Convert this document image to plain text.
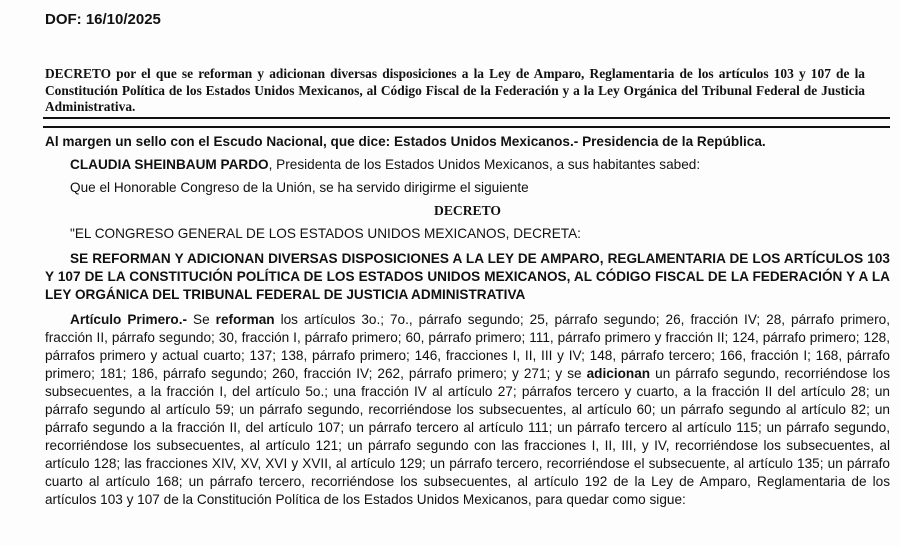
DOF: 16/10/2025
DECRETO por el que se reforman y adicionan diversas disposiciones a la Ley de Amparo, Reglamentaria de los artículos 103 y 107 de la Constitución Política de los Estados Unidos Mexicanos, al Código Fiscal de la Federación y a la Ley Orgánica del Tribunal Federal de Justicia Administrativa.

Al margen un sello con el Escudo Nacional, que dice: Estados Unidos Mexicanos.- Presidencia de la República.

CLAUDIA SHEINBAUM PARDO, Presidenta de los Estados Unidos Mexicanos, a sus habitantes sabed:

Que el Honorable Congreso de la Unión, se ha servido dirigirme el siguiente

DECRETO

"EL CONGRESO GENERAL DE LOS ESTADOS UNIDOS MEXICANOS, DECRETA:

SE REFORMAN Y ADICIONAN DIVERSAS DISPOSICIONES A LA LEY DE AMPARO, REGLAMENTARIA DE LOS ARTÍCULOS 103 Y 107 DE LA CONSTITUCIÓN POLÍTICA DE LOS ESTADOS UNIDOS MEXICANOS, AL CÓDIGO FISCAL DE LA FEDERACIÓN Y A LA LEY ORGÁNICA DEL TRIBUNAL FEDERAL DE JUSTICIA ADMINISTRATIVA

Artículo Primero.- Se reforman los artículos 3o.; 7o., párrafo segundo; 25, párrafo segundo; 26, fracción IV; 28, párrafo primero, fracción II, párrafo segundo; 30, fracción I, párrafo primero; 60, párrafo primero; 111, párrafo primero y fracción II; 124, párrafo primero; 128, párrafos primero y actual cuarto; 137; 138, párrafo primero; 146, fracciones I, II, III y IV; 148, párrafo tercero; 166, fracción I; 168, párrafo primero; 181; 186, párrafo segundo; 260, fracción IV; 262, párrafo primero; y 271; y se adicionan un párrafo segundo, recorriéndose los subsecuentes, a la fracción I, del artículo 5o.; una fracción IV al artículo 27; párrafos tercero y cuarto, a la fracción II del artículo 28; un párrafo segundo al artículo 59; un párrafo segundo, recorriéndose los subsecuentes, al artículo 60; un párrafo segundo al artículo 82; un párrafo segundo a la fracción II, del artículo 107; un párrafo tercero al artículo 111; un párrafo tercero al artículo 115; un párrafo segundo, recorriéndose los subsecuentes, al artículo 121; un párrafo segundo con las fracciones I, II, III, y IV, recorriéndose los subsecuentes, al artículo 128; las fracciones XIV, XV, XVI y XVII, al artículo 129; un párrafo tercero, recorriéndose el subsecuente, al artículo 135; un párrafo cuarto al artículo 168; un párrafo tercero, recorriéndose los subsecuentes, al artículo 192 de la Ley de Amparo, Reglamentaria de los artículos 103 y 107 de la Constitución Política de los Estados Unidos Mexicanos, para quedar como sigue:
